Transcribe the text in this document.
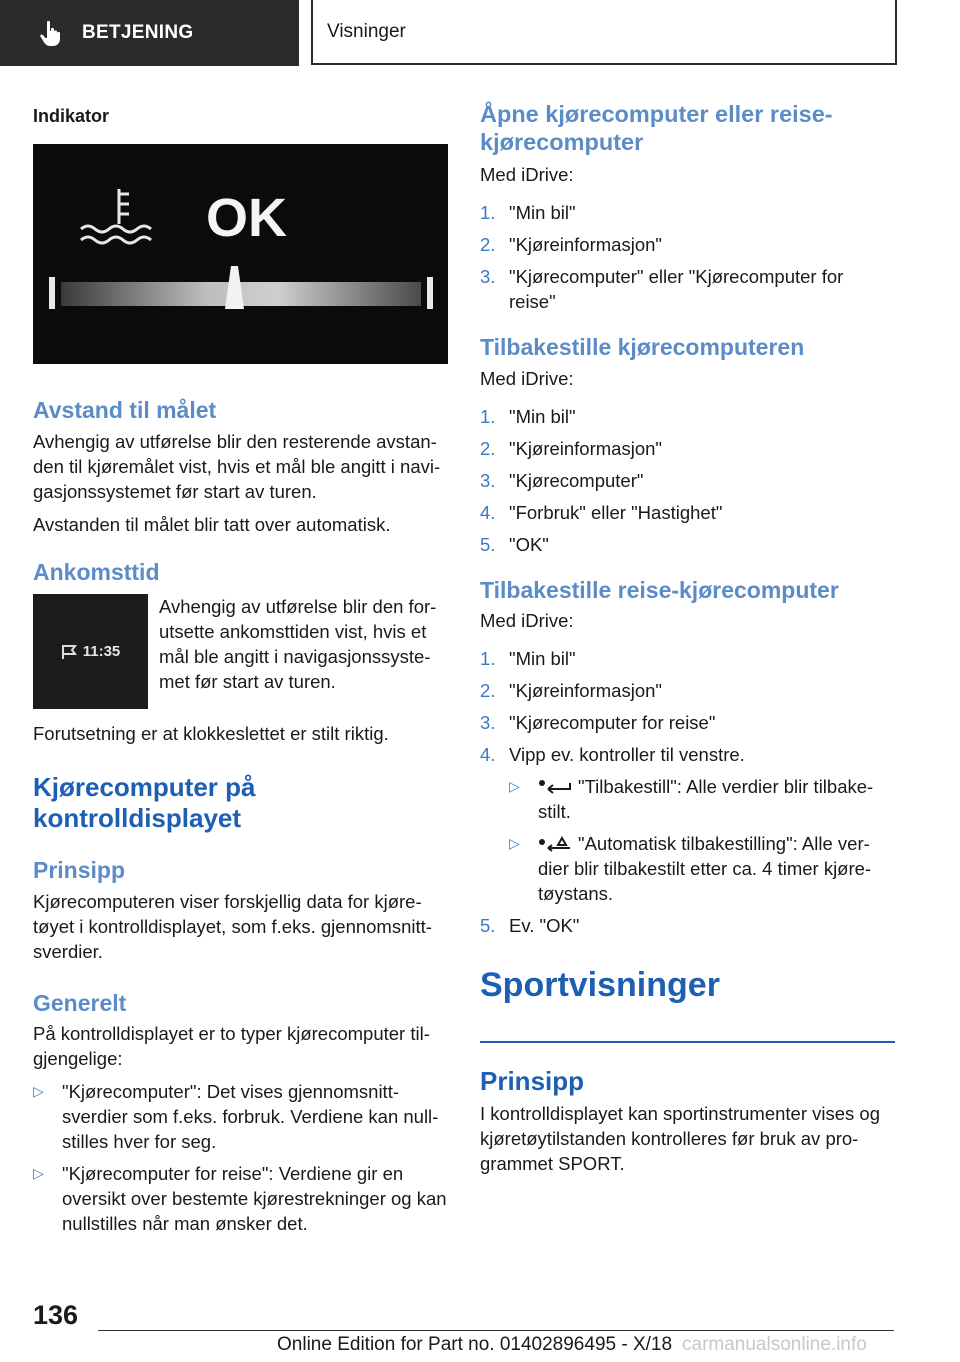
BETJENING	Visninger

Indikator

OK
Avstand til målet

Avhengig av utførelse blir den resterende avstan-den til kjøremålet vist, hvis et mål ble angitt i navi-gasjonssystemet før start av turen.

Avstanden til målet blir tatt over automatisk.

Ankomsttid
11:35

Avhengig av utførelse blir den for-utsette ankomsttiden vist, hvis et mål ble angitt i navigasjonssyste-met før start av turen.

Forutsetning er at klokkeslettet er stilt riktig.

Kjørecomputer på
kontrolldisplayet
Prinsipp

Kjørecomputeren viser forskjellig data for kjøre-tøyet i kontrolldisplayet, som f.eks. gjennomsnitt-sverdier.

Generelt

På kontrolldisplayet er to typer kjørecomputer til-gjengelige:

▷ "Kjørecomputer": Det vises gjennomsnitt-sverdier som f.eks. forbruk. Verdiene kan null-stilles hver for seg.
▷ "Kjørecomputer for reise": Verdiene gir en oversikt over bestemte kjørestrekninger og kan nullstilles når man ønsker det.
Åpne kjørecomputer eller reise-kjørecomputer

Med iDrive:

1. "Min bil"
2. "Kjøreinformasjon"
3. "Kjørecomputer" eller "Kjørecomputer for reise"
Tilbakestille kjørecomputeren

Med iDrive:

1. "Min bil"
2. "Kjøreinformasjon"
3. "Kjørecomputer"
4. "Forbruk" eller "Hastighet"
5. "OK"
Tilbakestille reise-kjørecomputer

Med iDrive:

1. "Min bil"
2. "Kjøreinformasjon"
3. "Kjørecomputer for reise"
4. Vipp ev. kontroller til venstre.
▷	"Tilbakestill": Alle verdier blir tilbake-stilt.
▷	"Automatisk tilbakestilling": Alle ver-dier blir tilbakestilt etter ca. 4 timer kjøre-tøystans.
5. Ev. "OK"
Sportvisninger
Prinsipp

I kontrolldisplayet kan sportinstrumenter vises og kjøretøytilstanden kontrolleres før bruk av pro-grammet SPORT.

136
Online Edition for Part no. 01402896495 - X/18 carmanualsonline.info
